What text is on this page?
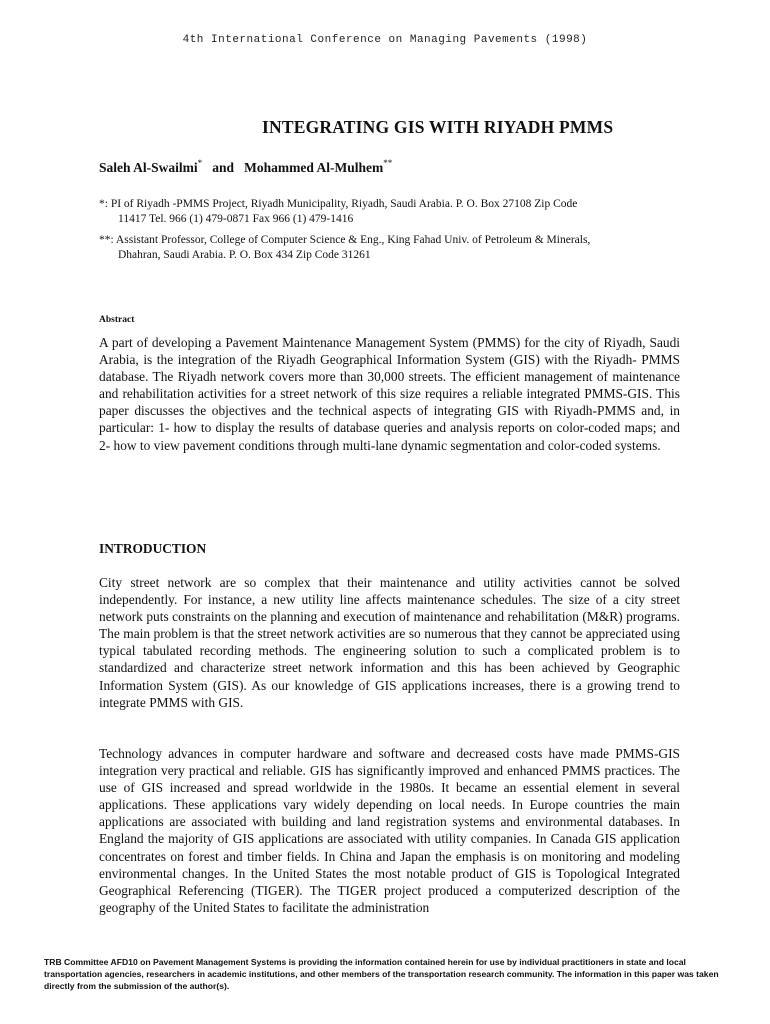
4th International Conference on Managing Pavements (1998)
INTEGRATING GIS WITH RIYADH PMMS
Saleh Al-Swailmi* and Mohammed Al-Mulhem**
*: PI of Riyadh -PMMS Project, Riyadh Municipality, Riyadh, Saudi Arabia. P. O. Box 27108 Zip Code
11417 Tel. 966 (1) 479-0871 Fax 966 (1) 479-1416
**: Assistant Professor, College of Computer Science & Eng., King Fahad Univ. of Petroleum & Minerals,
Dhahran, Saudi Arabia. P. O. Box 434 Zip Code 31261
Abstract
A part of developing a Pavement Maintenance Management System (PMMS) for the city of Riyadh, Saudi Arabia, is the integration of the Riyadh Geographical Information System (GIS) with the Riyadh- PMMS database. The Riyadh network covers more than 30,000 streets. The efficient management of maintenance and rehabilitation activities for a street network of this size requires a reliable integrated PMMS-GIS. This paper discusses the objectives and the technical aspects of integrating GIS with Riyadh-PMMS and, in particular: 1- how to display the results of database queries and analysis reports on color-coded maps; and 2- how to view pavement conditions through multi-lane dynamic segmentation and color-coded systems.
INTRODUCTION
City street network are so complex that their maintenance and utility activities cannot be solved independently. For instance, a new utility line affects maintenance schedules. The size of a city street network puts constraints on the planning and execution of maintenance and rehabilitation (M&R) programs. The main problem is that the street network activities are so numerous that they cannot be appreciated using typical tabulated recording methods. The engineering solution to such a complicated problem is to standardized and characterize street network information and this has been achieved by Geographic Information System (GIS). As our knowledge of GIS applications increases, there is a growing trend to integrate PMMS with GIS.
Technology advances in computer hardware and software and decreased costs have made PMMS-GIS integration very practical and reliable. GIS has significantly improved and enhanced PMMS practices. The use of GIS increased and spread worldwide in the 1980s. It became an essential element in several applications. These applications vary widely depending on local needs. In Europe countries the main applications are associated with building and land registration systems and environmental databases. In England the majority of GIS applications are associated with utility companies. In Canada GIS application concentrates on forest and timber fields. In China and Japan the emphasis is on monitoring and modeling environmental changes. In the United States the most notable product of GIS is Topological Integrated Geographical Referencing (TIGER). The TIGER project produced a computerized description of the geography of the United States to facilitate the administration
TRB Committee AFD10 on Pavement Management Systems is providing the information contained herein for use by individual practitioners in state and local transportation agencies, researchers in academic institutions, and other members of the transportation research community. The information in this paper was taken directly from the submission of the author(s).
